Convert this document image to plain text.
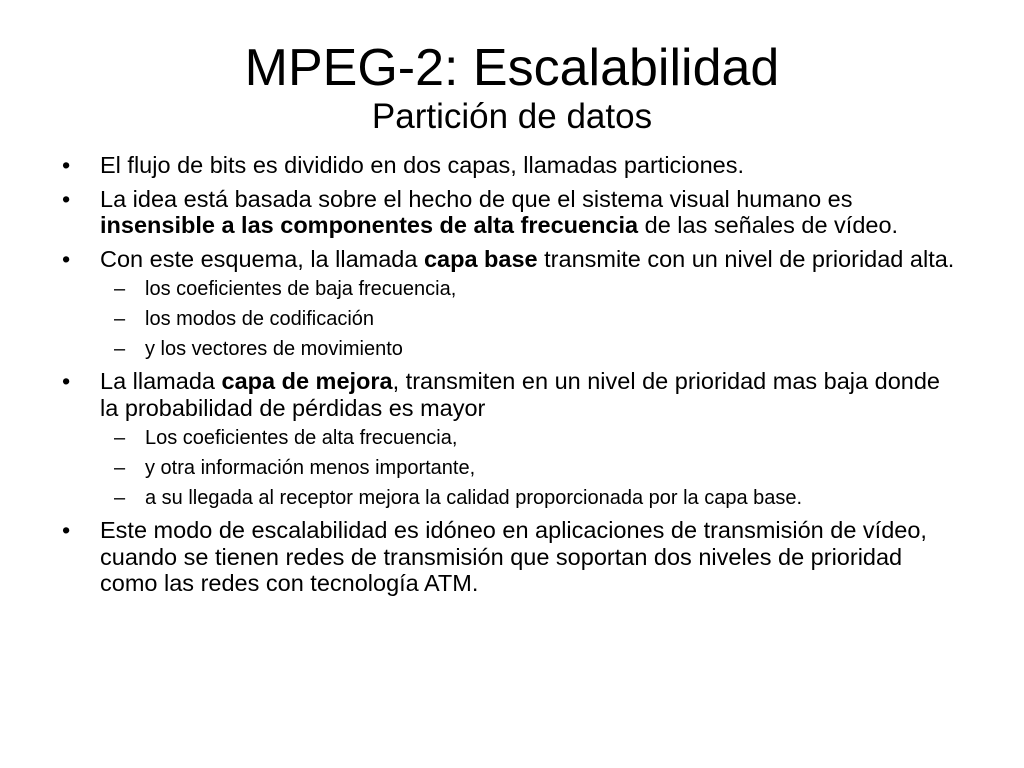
MPEG-2: Escalabilidad
Partición de datos
• El flujo de bits es dividido en dos capas, llamadas particiones.
• La idea está basada sobre el hecho de que el sistema visual humano es insensible a las componentes de alta frecuencia de las señales de vídeo.
• Con este esquema, la llamada capa base transmite con un nivel de prioridad alta.
– los coeficientes de baja frecuencia,
– los modos de codificación
– y los vectores de movimiento
• La llamada capa de mejora, transmiten en un nivel de prioridad mas baja donde la probabilidad de pérdidas es mayor
– Los coeficientes de alta frecuencia,
– y otra información menos importante,
– a su llegada al receptor mejora la calidad proporcionada por la capa base.
• Este modo de escalabilidad es idóneo en aplicaciones de transmisión de vídeo, cuando se tienen redes de transmisión que soportan dos niveles de prioridad como las redes con tecnología ATM.
